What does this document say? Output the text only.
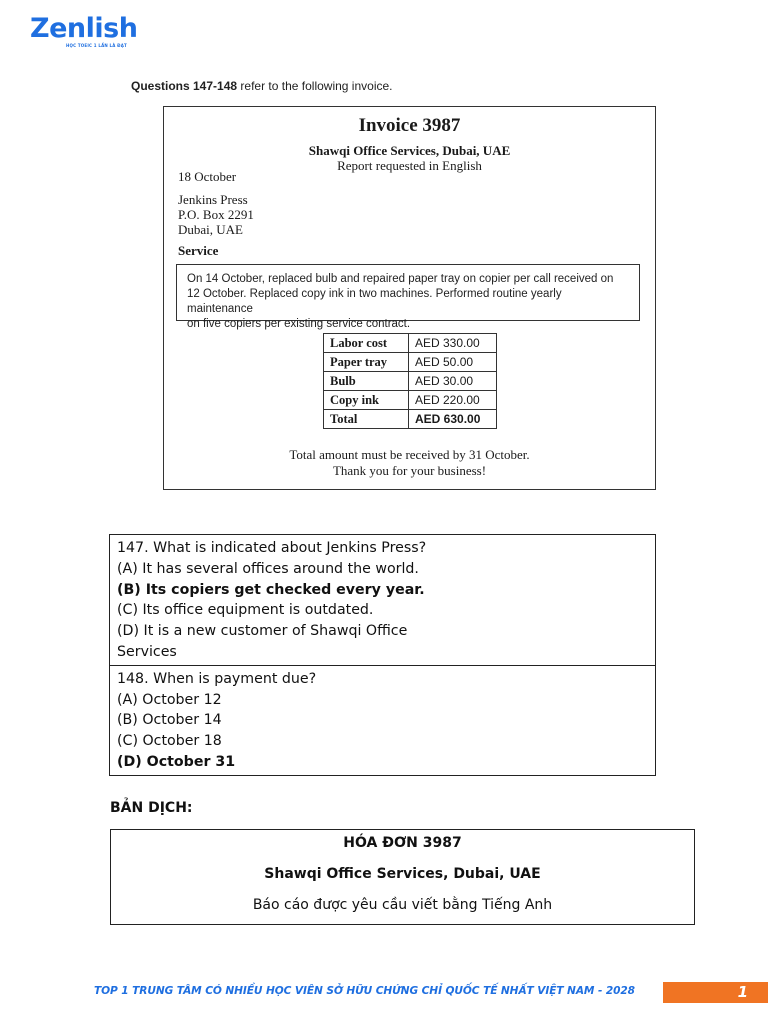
Zenlish
HỌC TOEIC 1 LẦN LÀ ĐẠT
Questions 147-148 refer to the following invoice.
Invoice 3987
Shawqi Office Services, Dubai, UAE
Report requested in English
18 October
Jenkins Press
P.O. Box 2291
Dubai, UAE
Service
On 14 October, replaced bulb and repaired paper tray on copier per call received on
12 October. Replaced copy ink in two machines. Performed routine yearly maintenance
on five copiers per existing service contract.
Labor cost	AED 330.00
Paper tray	AED 50.00
Bulb	AED 30.00
Copy ink	AED 220.00
Total	AED 630.00
Total amount must be received by 31 October.
Thank you for your business!
147. What is indicated about Jenkins Press?
(A) It has several offices around the world.
(B) Its copiers get checked every year.
(C) Its office equipment is outdated.
(D) It is a new customer of Shawqi Office
Services

148. When is payment due?
(A) October 12
(B) October 14
(C) October 18
(D) October 31
BẢN DỊCH:
HÓA ĐƠN 3987
Shawqi Office Services, Dubai, UAE
Báo cáo được yêu cầu viết bằng Tiếng Anh
TOP 1 TRUNG TÂM CÓ NHIỀU HỌC VIÊN SỞ HỮU CHỨNG CHỈ QUỐC TẾ NHẤT VIỆT NAM - 2028	1
